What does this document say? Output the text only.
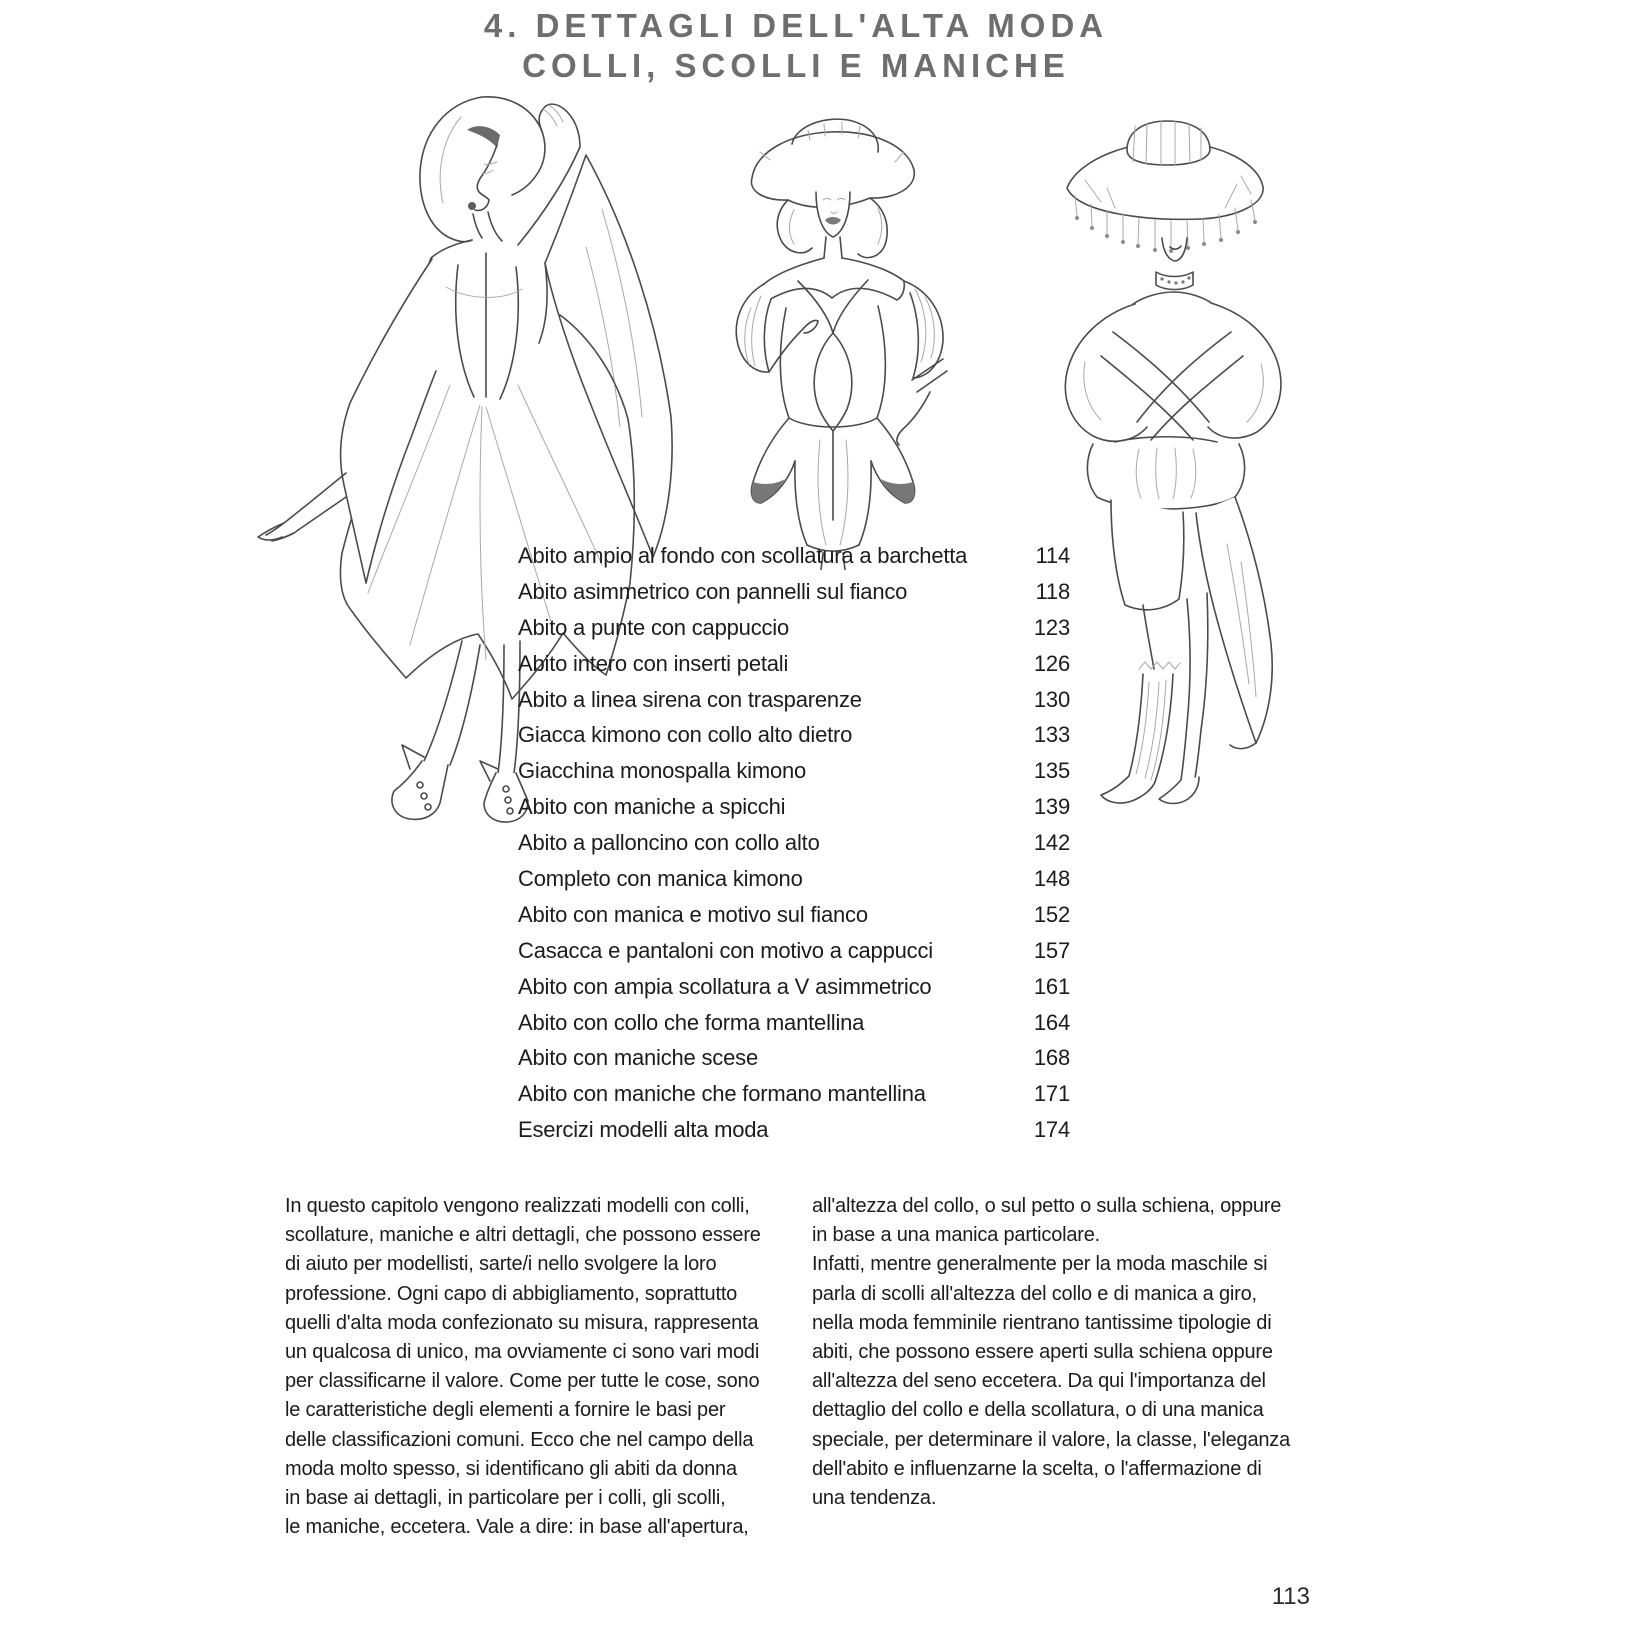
4. DETTAGLI DELL'ALTA MODA
COLLI, SCOLLI E MANICHE
Abito ampio al fondo con scollatura a barchetta	114
Abito asimmetrico con pannelli sul fianco	118
Abito a punte con cappuccio	123
Abito intero con inserti petali	126
Abito a linea sirena con trasparenze	130
Giacca kimono con collo alto dietro	133
Giacchina monospalla kimono	135
Abito con maniche a spicchi	139
Abito a palloncino con collo alto	142
Completo con manica kimono	148
Abito con manica e motivo sul fianco	152
Casacca e pantaloni con motivo a cappucci	157
Abito con ampia scollatura a V asimmetrico	161
Abito con collo che forma mantellina	164
Abito con maniche scese	168
Abito con maniche che formano mantellina	171
Esercizi modelli alta moda	174
In questo capitolo vengono realizzati modelli con colli,
scollature, maniche e altri dettagli, che possono essere
di aiuto per modellisti, sarte/i nello svolgere la loro
professione. Ogni capo di abbigliamento, soprattutto
quelli d'alta moda confezionato su misura, rappresenta
un qualcosa di unico, ma ovviamente ci sono vari modi
per classificarne il valore. Come per tutte le cose, sono
le caratteristiche degli elementi a fornire le basi per
delle classificazioni comuni. Ecco che nel campo della
moda molto spesso, si identificano gli abiti da donna
in base ai dettagli, in particolare per i colli, gli scolli,
le maniche, eccetera. Vale a dire: in base all'apertura,
all'altezza del collo, o sul petto o sulla schiena, oppure
in base a una manica particolare.
Infatti, mentre generalmente per la moda maschile si
parla di scolli all'altezza del collo e di manica a giro,
nella moda femminile rientrano tantissime tipologie di
abiti, che possono essere aperti sulla schiena oppure
all'altezza del seno eccetera. Da qui l'importanza del
dettaglio del collo e della scollatura, o di una manica
speciale, per determinare il valore, la classe, l'eleganza
dell'abito e influenzarne la scelta, o l'affermazione di
una tendenza.
113
